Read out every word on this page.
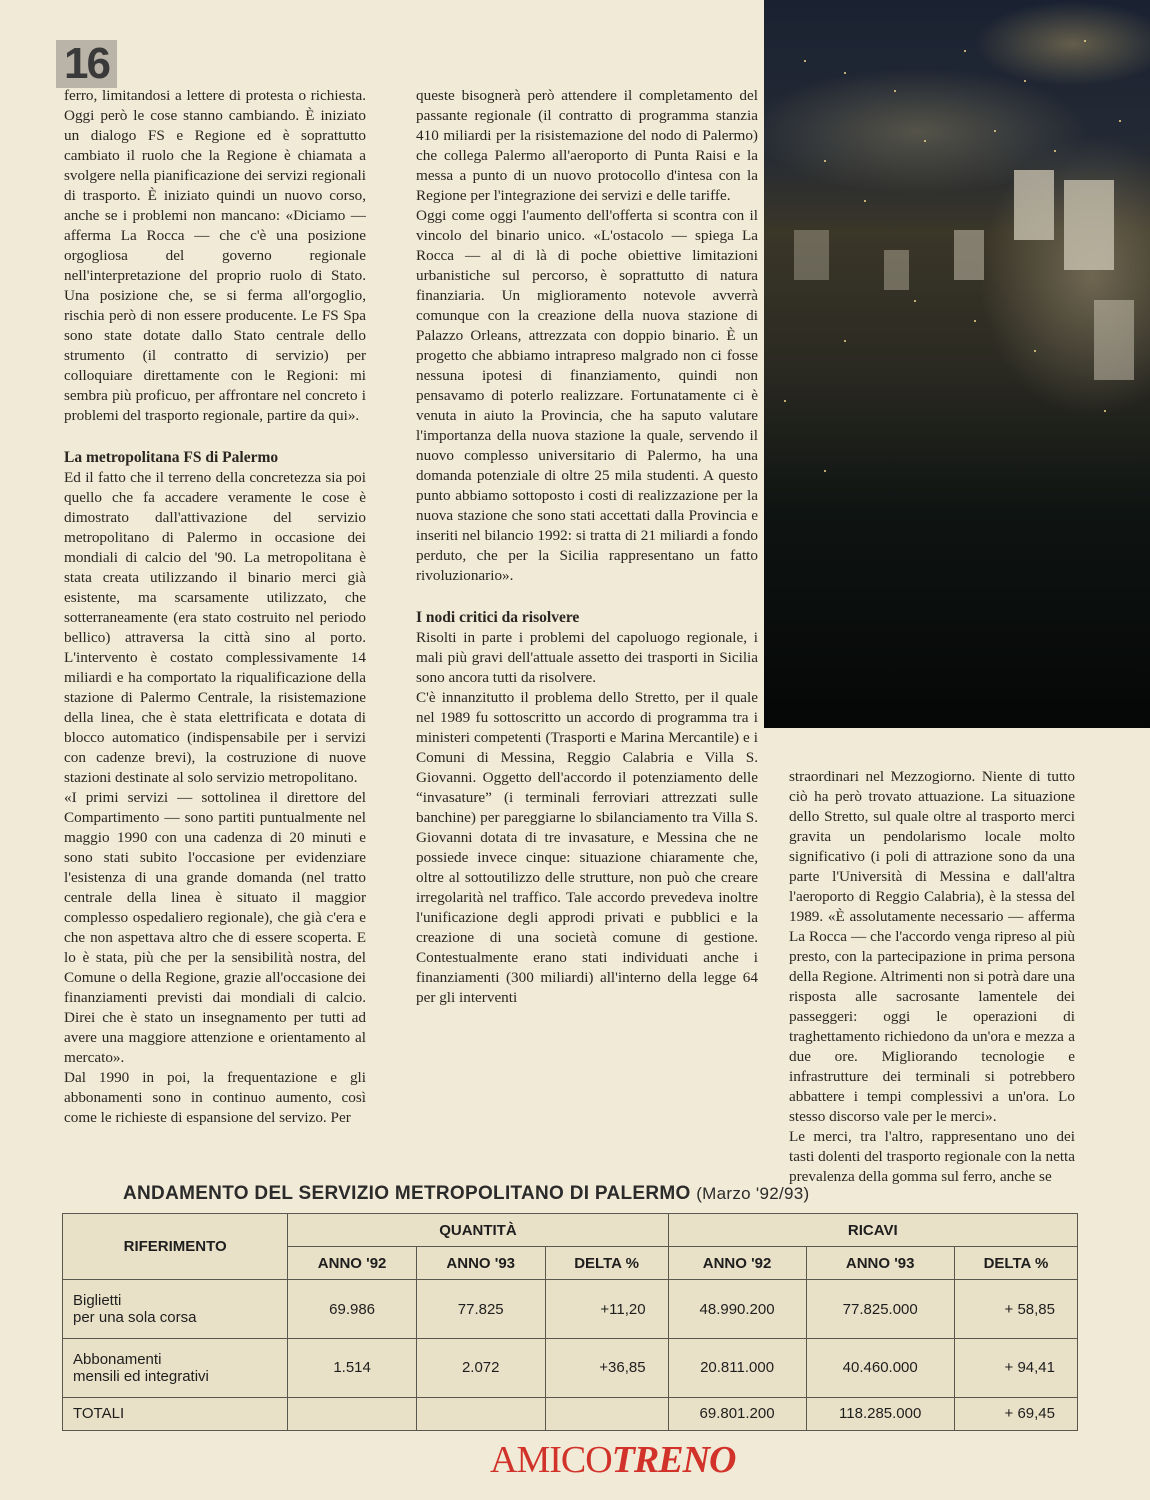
16

ferro, limitandosi a lettere di protesta o richiesta. Oggi però le cose stanno cambiando. È iniziato un dialogo FS e Regione ed è soprattutto cambiato il ruolo che la Regione è chiamata a svolgere nella pianificazione dei servizi regionali di trasporto. È iniziato quindi un nuovo corso, anche se i problemi non mancano: «Diciamo — afferma La Rocca — che c'è una posizione orgogliosa del governo regionale nell'interpretazione del proprio ruolo di Stato. Una posizione che, se si ferma all'orgoglio, rischia però di non essere producente. Le FS Spa sono state dotate dallo Stato centrale dello strumento (il contratto di servizio) per colloquiare direttamente con le Regioni: mi sembra più proficuo, per affrontare nel concreto i problemi del trasporto regionale, partire da qui».

La metropolitana FS di Palermo

Ed il fatto che il terreno della concretezza sia poi quello che fa accadere veramente le cose è dimostrato dall'attivazione del servizio metropolitano di Palermo in occasione dei mondiali di calcio del '90. La metropolitana è stata creata utilizzando il binario merci già esistente, ma scarsamente utilizzato, che sotterraneamente (era stato costruito nel periodo bellico) attraversa la città sino al porto. L'intervento è costato complessivamente 14 miliardi e ha comportato la riqualificazione della stazione di Palermo Centrale, la risistemazione della linea, che è stata elettrificata e dotata di blocco automatico (indispensabile per i servizi con cadenze brevi), la costruzione di nuove stazioni destinate al solo servizio metropolitano.

«I primi servizi — sottolinea il direttore del Compartimento — sono partiti puntualmente nel maggio 1990 con una cadenza di 20 minuti e sono stati subito l'occasione per evidenziare l'esistenza di una grande domanda (nel tratto centrale della linea è situato il maggior complesso ospedaliero regionale), che già c'era e che non aspettava altro che di essere scoperta. E lo è stata, più che per la sensibilità nostra, del Comune o della Regione, grazie all'occasione dei finanziamenti previsti dai mondiali di calcio. Direi che è stato un insegnamento per tutti ad avere una maggiore attenzione e orientamento al mercato».

Dal 1990 in poi, la frequentazione e gli abbonamenti sono in continuo aumento, così come le richieste di espansione del servizo. Per

queste bisognerà però attendere il completamento del passante regionale (il contratto di programma stanzia 410 miliardi per la risistemazione del nodo di Palermo) che collega Palermo all'aeroporto di Punta Raisi e la messa a punto di un nuovo protocollo d'intesa con la Regione per l'integrazione dei servizi e delle tariffe.

Oggi come oggi l'aumento dell'offerta si scontra con il vincolo del binario unico. «L'ostacolo — spiega La Rocca — al di là di poche obiettive limitazioni urbanistiche sul percorso, è soprattutto di natura finanziaria. Un miglioramento notevole avverrà comunque con la creazione della nuova stazione di Palazzo Orleans, attrezzata con doppio binario. È un progetto che abbiamo intrapreso malgrado non ci fosse nessuna ipotesi di finanziamento, quindi non pensavamo di poterlo realizzare. Fortunatamente ci è venuta in aiuto la Provincia, che ha saputo valutare l'importanza della nuova stazione la quale, servendo il nuovo complesso universitario di Palermo, ha una domanda potenziale di oltre 25 mila studenti. A questo punto abbiamo sottoposto i costi di realizzazione per la nuova stazione che sono stati accettati dalla Provincia e inseriti nel bilancio 1992: si tratta di 21 miliardi a fondo perduto, che per la Sicilia rappresentano un fatto rivoluzionario».

I nodi critici da risolvere

Risolti in parte i problemi del capoluogo regionale, i mali più gravi dell'attuale assetto dei trasporti in Sicilia sono ancora tutti da risolvere.

C'è innanzitutto il problema dello Stretto, per il quale nel 1989 fu sottoscritto un accordo di programma tra i ministeri competenti (Trasporti e Marina Mercantile) e i Comuni di Messina, Reggio Calabria e Villa S. Giovanni. Oggetto dell'accordo il potenziamento delle “invasature” (i terminali ferroviari attrezzati sulle banchine) per pareggiarne lo sbilanciamento tra Villa S. Giovanni dotata di tre invasature, e Messina che ne possiede invece cinque: situazione chiaramente che, oltre al sottoutilizzo delle strutture, non può che creare irregolarità nel traffico. Tale accordo prevedeva inoltre l'unificazione degli approdi privati e pubblici e la creazione di una società comune di gestione. Contestualmente erano stati individuati anche i finanziamenti (300 miliardi) all'interno della legge 64 per gli interventi

straordinari nel Mezzogiorno. Niente di tutto ciò ha però trovato attuazione. La situazione dello Stretto, sul quale oltre al trasporto merci gravita un pendolarismo locale molto significativo (i poli di attrazione sono da una parte l'Università di Messina e dall'altra l'aeroporto di Reggio Calabria), è la stessa del 1989. «È assolutamente necessario — afferma La Rocca — che l'accordo venga ripreso al più presto, con la partecipazione in prima persona della Regione. Altrimenti non si potrà dare una risposta alle sacrosante lamentele dei passeggeri: oggi le operazioni di traghettamento richiedono da un'ora e mezza a due ore. Migliorando tecnologie e infrastrutture dei terminali si potrebbero abbattere i tempi complessivi a un'ora. Lo stesso discorso vale per le merci».

Le merci, tra l'altro, rappresentano uno dei tasti dolenti del trasporto regionale con la netta prevalenza della gomma sul ferro, anche se

ANDAMENTO DEL SERVIZIO METROPOLITANO DI PALERMO (Marzo '92/93)
RIFERIMENTO	QUANTITÀ			RICAVI		
	ANNO '92	ANNO '93	DELTA %	ANNO '92	ANNO '93	DELTA %
Biglietti
per una sola corsa	69.986	77.825	+11,20	48.990.200	77.825.000	+ 58,85
Abbonamenti
mensili ed integrativi	1.514	2.072	+36,85	20.811.000	40.460.000	+ 94,41
TOTALI				69.801.200	118.285.000	+ 69,45
AMICOTRENO
